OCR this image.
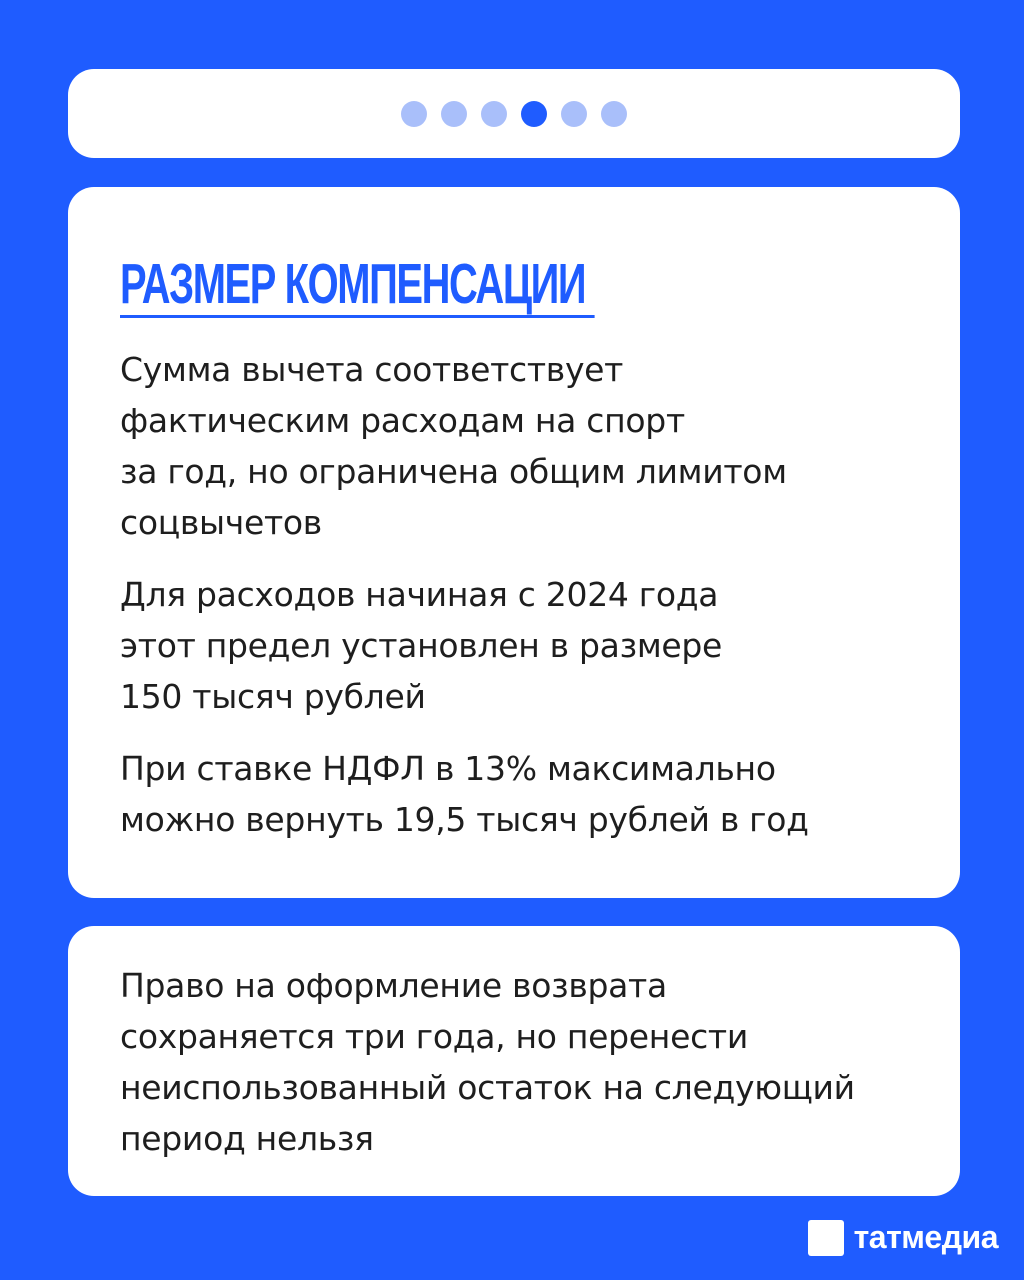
РАЗМЕР КОМПЕНСАЦИИ

Сумма вычета соответствует
фактическим расходам на спорт
за год, но ограничена общим лимитом
соцвычетов

Для расходов начиная с 2024 года
этот предел установлен в размере
150 тысяч рублей

При ставке НДФЛ в 13% максимально
можно вернуть 19,5 тысяч рублей в год

Право на оформление возврата
сохраняется три года, но перенести
неиспользованный остаток на следующий
период нельзя

татмедиа
